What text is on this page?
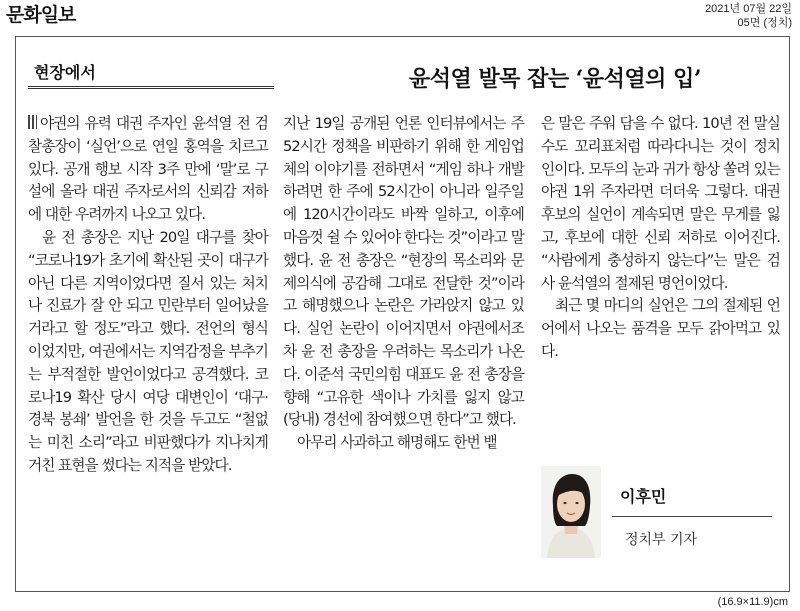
문화일보	2021년 07월 22일
05면 (정치)
현장에서	윤석열 발목 잡는 ‘윤석열의 입’

야권의 유력 대권 주자인 윤석열 전 검찰총장이 ‘실언’으로 연일 홍역을 치르고 있다. 공개 행보 시작 3주 만에 ‘말’로 구설에 올라 대권 주자로서의 신뢰감 저하에 대한 우려까지 나오고 있다.

윤 전 총장은 지난 20일 대구를 찾아 “코로나19가 초기에 확산된 곳이 대구가 아닌 다른 지역이었다면 질서 있는 처치나 진료가 잘 안 되고 민란부터 일어났을 거라고 할 정도”라고 했다. 전언의 형식이었지만, 여권에서는 지역감정을 부추기는 부적절한 발언이었다고 공격했다. 코로나19 확산 당시 여당 대변인이 ‘대구·경북 봉쇄’ 발언을 한 것을 두고도 “철없는 미친 소리”라고 비판했다가 지나치게 거친 표현을 썼다는 지적을 받았다.

지난 19일 공개된 언론 인터뷰에서는 주 52시간 정책을 비판하기 위해 한 게임업체의 이야기를 전하면서 “게임 하나 개발하려면 한 주에 52시간이 아니라 일주일에 120시간이라도 바짝 일하고, 이후에 마음껏 쉴 수 있어야 한다는 것”이라고 말했다. 윤 전 총장은 “현장의 목소리와 문제의식에 공감해 그대로 전달한 것”이라고 해명했으나 논란은 가라앉지 않고 있다. 실언 논란이 이어지면서 야권에서조차 윤 전 총장을 우려하는 목소리가 나온다. 이준석 국민의힘 대표도 윤 전 총장을 향해 “고유한 색이나 가치를 잃지 않고 (당내) 경선에 참여했으면 한다”고 했다.

아무리 사과하고 해명해도 한번 뱉

은 말은 주워 담을 수 없다. 10년 전 말실수도 꼬리표처럼 따라다니는 것이 정치인이다. 모두의 눈과 귀가 항상 쏠려 있는 야권 1위 주자라면 더더욱 그렇다. 대권 후보의 실언이 계속되면 말은 무게를 잃고, 후보에 대한 신뢰 저하로 이어진다. “사람에게 충성하지 않는다”는 말은 검사 윤석열의 절제된 명언이었다.

최근 몇 마디의 실언은 그의 절제된 언어에서 나오는 품격을 모두 갉아먹고 있다.

이후민
정치부 기자
(16.9×11.9)cm
